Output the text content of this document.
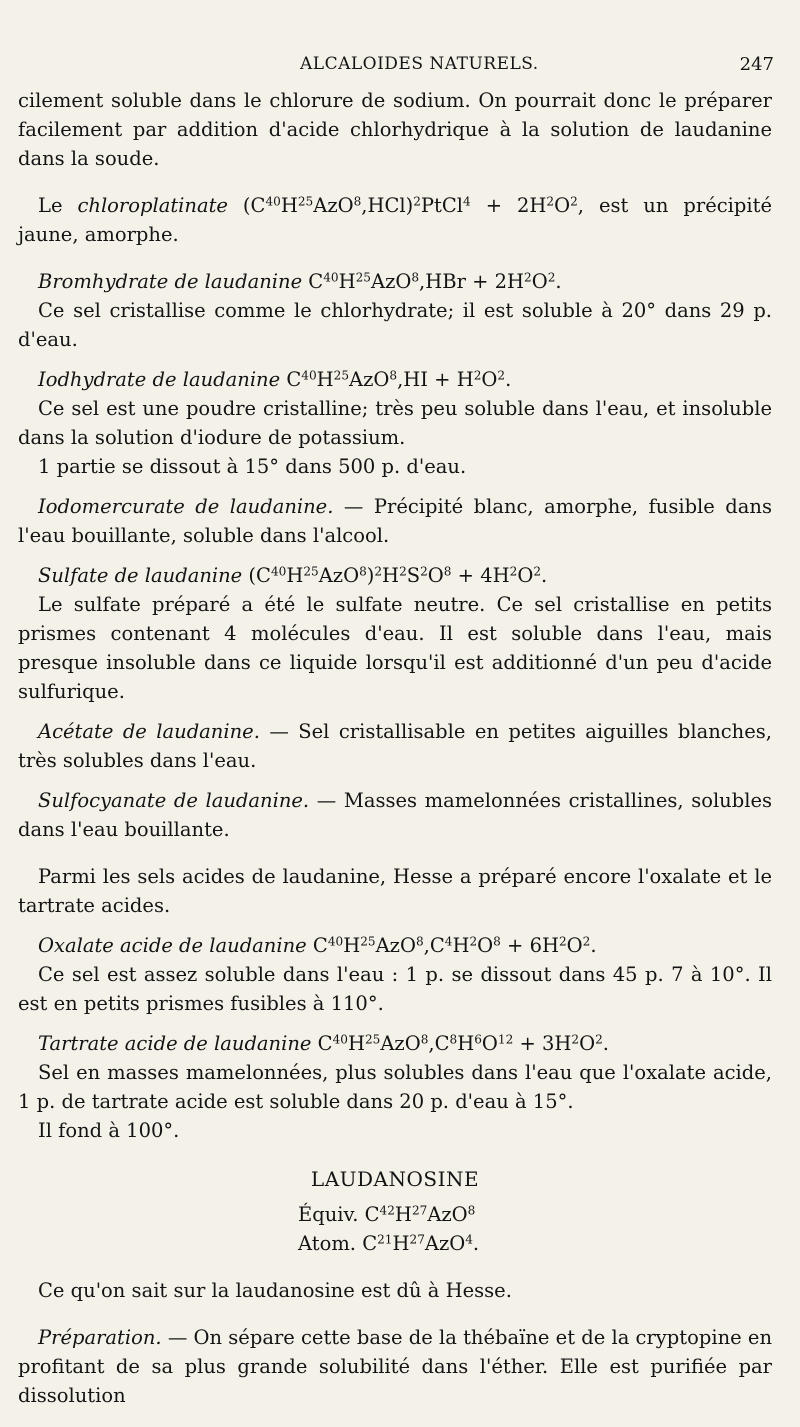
ALCALOIDES NATURELS.	247

cilement soluble dans le chlorure de sodium. On pourrait donc le préparer facilement par addition d'acide chlorhydrique à la solution de laudanine dans la soude.

Le chloroplatinate $(C^{40}H^{25}AzO^8,HCl)^2PtCl^4 + 2H^2O^2$, est un précipité jaune, amorphe.

Bromhydrate de laudanine $C^{40}H^{25}AzO^8,HBr + 2H^2O^2$.

Ce sel cristallise comme le chlorhydrate; il est soluble à 20° dans 29 p. d'eau.

Iodhydrate de laudanine $C^{40}H^{25}AzO^8,HI + H^2O^2$.

Ce sel est une poudre cristalline; très peu soluble dans l'eau, et insoluble dans la solution d'iodure de potassium.

1 partie se dissout à 15° dans 500 p. d'eau.

Iodomercurate de laudanine. — Précipité blanc, amorphe, fusible dans l'eau bouillante, soluble dans l'alcool.

Sulfate de laudanine $(C^{40}H^{25}AzO^8)^2H^2S^2O^8 + 4H^2O^2$.

Le sulfate préparé a été le sulfate neutre. Ce sel cristallise en petits prismes contenant 4 molécules d'eau. Il est soluble dans l'eau, mais presque insoluble dans ce liquide lorsqu'il est additionné d'un peu d'acide sulfurique.

Acétate de laudanine. — Sel cristallisable en petites aiguilles blanches, très solubles dans l'eau.

Sulfocyanate de laudanine. — Masses mamelonnées cristallines, solubles dans l'eau bouillante.

Parmi les sels acides de laudanine, Hesse a préparé encore l'oxalate et le tartrate acides.

Oxalate acide de laudanine $C^{40}H^{25}AzO^8,C^4H^2O^8 + 6H^2O^2$.

Ce sel est assez soluble dans l'eau : 1 p. se dissout dans 45 p. 7 à 10°. Il est en petits prismes fusibles à 110°.

Tartrate acide de laudanine $C^{40}H^{25}AzO^8,C^8H^6O^{12} + 3H^2O^2$.

Sel en masses mamelonnées, plus solubles dans l'eau que l'oxalate acide, 1 p. de tartrate acide est soluble dans 20 p. d'eau à 15°.

Il fond à 100°.

LAUDANOSINE
Équiv. $C^{42}H^{27}AzO^8$
Atom. $C^{21}H^{27}AzO^4$.

Ce qu'on sait sur la laudanosine est dû à Hesse.

Préparation. — On sépare cette base de la thébaïne et de la cryptopine en profitant de sa plus grande solubilité dans l'éther. Elle est purifiée par dissolution
